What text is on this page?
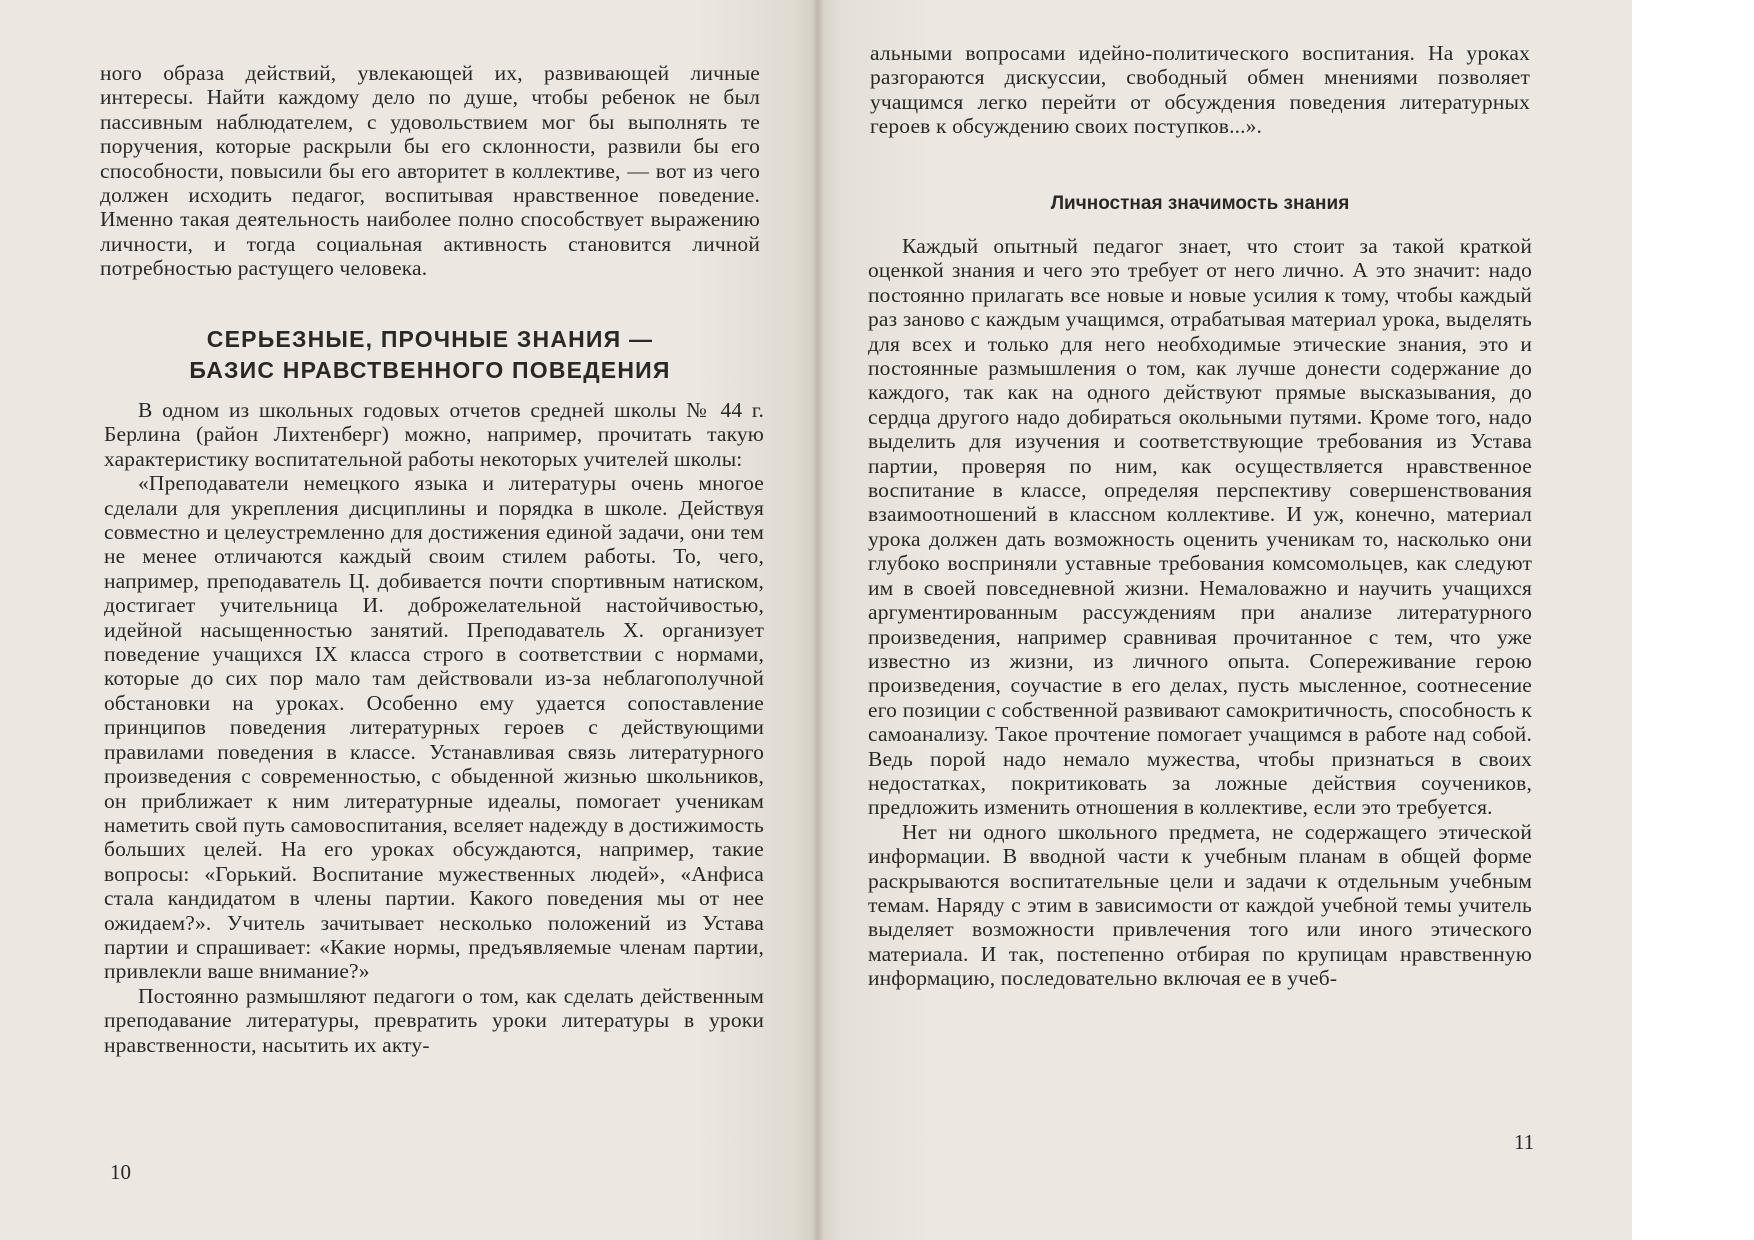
ного образа действий, увлекающей их, развивающей личные интересы. Найти каждому дело по душе, чтобы ребенок не был пассивным наблюдателем, с удовольствием мог бы выполнять те поручения, которые раскрыли бы его склонности, развили бы его способности, повысили бы его авторитет в коллективе, — вот из чего должен исходить педагог, воспитывая нравственное поведение. Именно такая деятельность наиболее полно способствует выражению личности, и тогда социальная активность становится личной потребностью растущего человека.

СЕРЬЕЗНЫЕ, ПРОЧНЫЕ ЗНАНИЯ —
БАЗИС НРАВСТВЕННОГО ПОВЕДЕНИЯ

В одном из школьных годовых отчетов средней школы № 44 г. Берлина (район Лихтенберг) можно, например, прочитать такую характеристику воспитательной работы некоторых учителей школы:

«Преподаватели немецкого языка и литературы очень многое сделали для укрепления дисциплины и порядка в школе. Действуя совместно и целеустремленно для достижения единой задачи, они тем не менее отличаются каждый своим стилем работы. То, чего, например, преподаватель Ц. добивается почти спортивным натиском, достигает учительница И. доброжелательной настойчивостью, идейной насыщенностью занятий. Преподаватель Х. организует поведение учащихся IX класса строго в соответствии с нормами, которые до сих пор мало там действовали из-за неблагополучной обстановки на уроках. Особенно ему удается сопоставление принципов поведения литературных героев с действующими правилами поведения в классе. Устанавливая связь литературного произведения с современностью, с обыденной жизнью школьников, он приближает к ним литературные идеалы, помогает ученикам наметить свой путь самовоспитания, вселяет надежду в достижимость больших целей. На его уроках обсуждаются, например, такие вопросы: «Горький. Воспитание мужественных людей», «Анфиса стала кандидатом в члены партии. Какого поведения мы от нее ожидаем?». Учитель зачитывает несколько положений из Устава партии и спрашивает: «Какие нормы, предъявляемые членам партии, привлекли ваше внимание?»

Постоянно размышляют педагоги о том, как сделать действенным преподавание литературы, превратить уроки литературы в уроки нравственности, насытить их акту-

10

альными вопросами идейно-политического воспитания. На уроках разгораются дискуссии, свободный обмен мнениями позволяет учащимся легко перейти от обсуждения поведения литературных героев к обсуждению своих поступков...».

Личностная значимость знания

Каждый опытный педагог знает, что стоит за такой краткой оценкой знания и чего это требует от него лично. А это значит: надо постоянно прилагать все новые и новые усилия к тому, чтобы каждый раз заново с каждым учащимся, отрабатывая материал урока, выделять для всех и только для него необходимые этические знания, это и постоянные размышления о том, как лучше донести содержание до каждого, так как на одного действуют прямые высказывания, до сердца другого надо добираться окольными путями. Кроме того, надо выделить для изучения и соответствующие требования из Устава партии, проверяя по ним, как осуществляется нравственное воспитание в классе, определяя перспективу совершенствования взаимоотношений в классном коллективе. И уж, конечно, материал урока должен дать возможность оценить ученикам то, насколько они глубоко восприняли уставные требования комсомольцев, как следуют им в своей повседневной жизни. Немаловажно и научить учащихся аргументированным рассуждениям при анализе литературного произведения, например сравнивая прочитанное с тем, что уже известно из жизни, из личного опыта. Сопереживание герою произведения, соучастие в его делах, пусть мысленное, соотнесение его позиции с собственной развивают самокритичность, способность к самоанализу. Такое прочтение помогает учащимся в работе над собой. Ведь порой надо немало мужества, чтобы признаться в своих недостатках, покритиковать за ложные действия соучеников, предложить изменить отношения в коллективе, если это требуется.

Нет ни одного школьного предмета, не содержащего этической информации. В вводной части к учебным планам в общей форме раскрываются воспитательные цели и задачи к отдельным учебным темам. Наряду с этим в зависимости от каждой учебной темы учитель выделяет возможности привлечения того или иного этического материала. И так, постепенно отбирая по крупицам нравственную информацию, последовательно включая ее в учеб-

11
